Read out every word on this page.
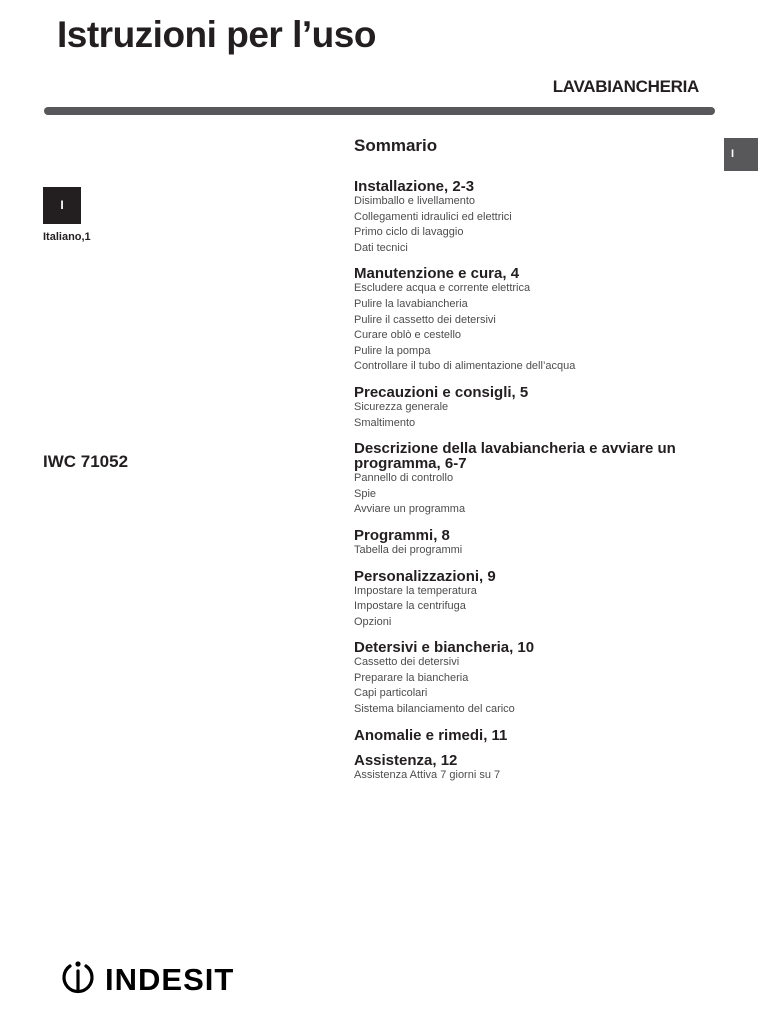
Istruzioni per l’uso
LAVABIANCHERIA
I
I
Italiano,1
IWC 71052
Sommario
Installazione, 2-3
Disimballo e livellamento
Collegamenti idraulici ed elettrici
Primo ciclo di lavaggio
Dati tecnici
Manutenzione e cura, 4
Escludere acqua e corrente elettrica
Pulire la lavabiancheria
Pulire il cassetto dei detersivi
Curare oblò e cestello
Pulire la pompa
Controllare il tubo di alimentazione dell’acqua
Precauzioni e consigli, 5
Sicurezza generale
Smaltimento
Descrizione della lavabiancheria e avviare un programma, 6-7
Pannello di controllo
Spie
Avviare un programma
Programmi, 8
Tabella dei programmi
Personalizzazioni, 9
Impostare la temperatura
Impostare la centrifuga
Opzioni
Detersivi e biancheria, 10
Cassetto dei detersivi
Preparare la biancheria
Capi particolari
Sistema bilanciamento del carico
Anomalie e rimedi, 11
Assistenza, 12
Assistenza Attiva 7 giorni su 7
INDESIT
